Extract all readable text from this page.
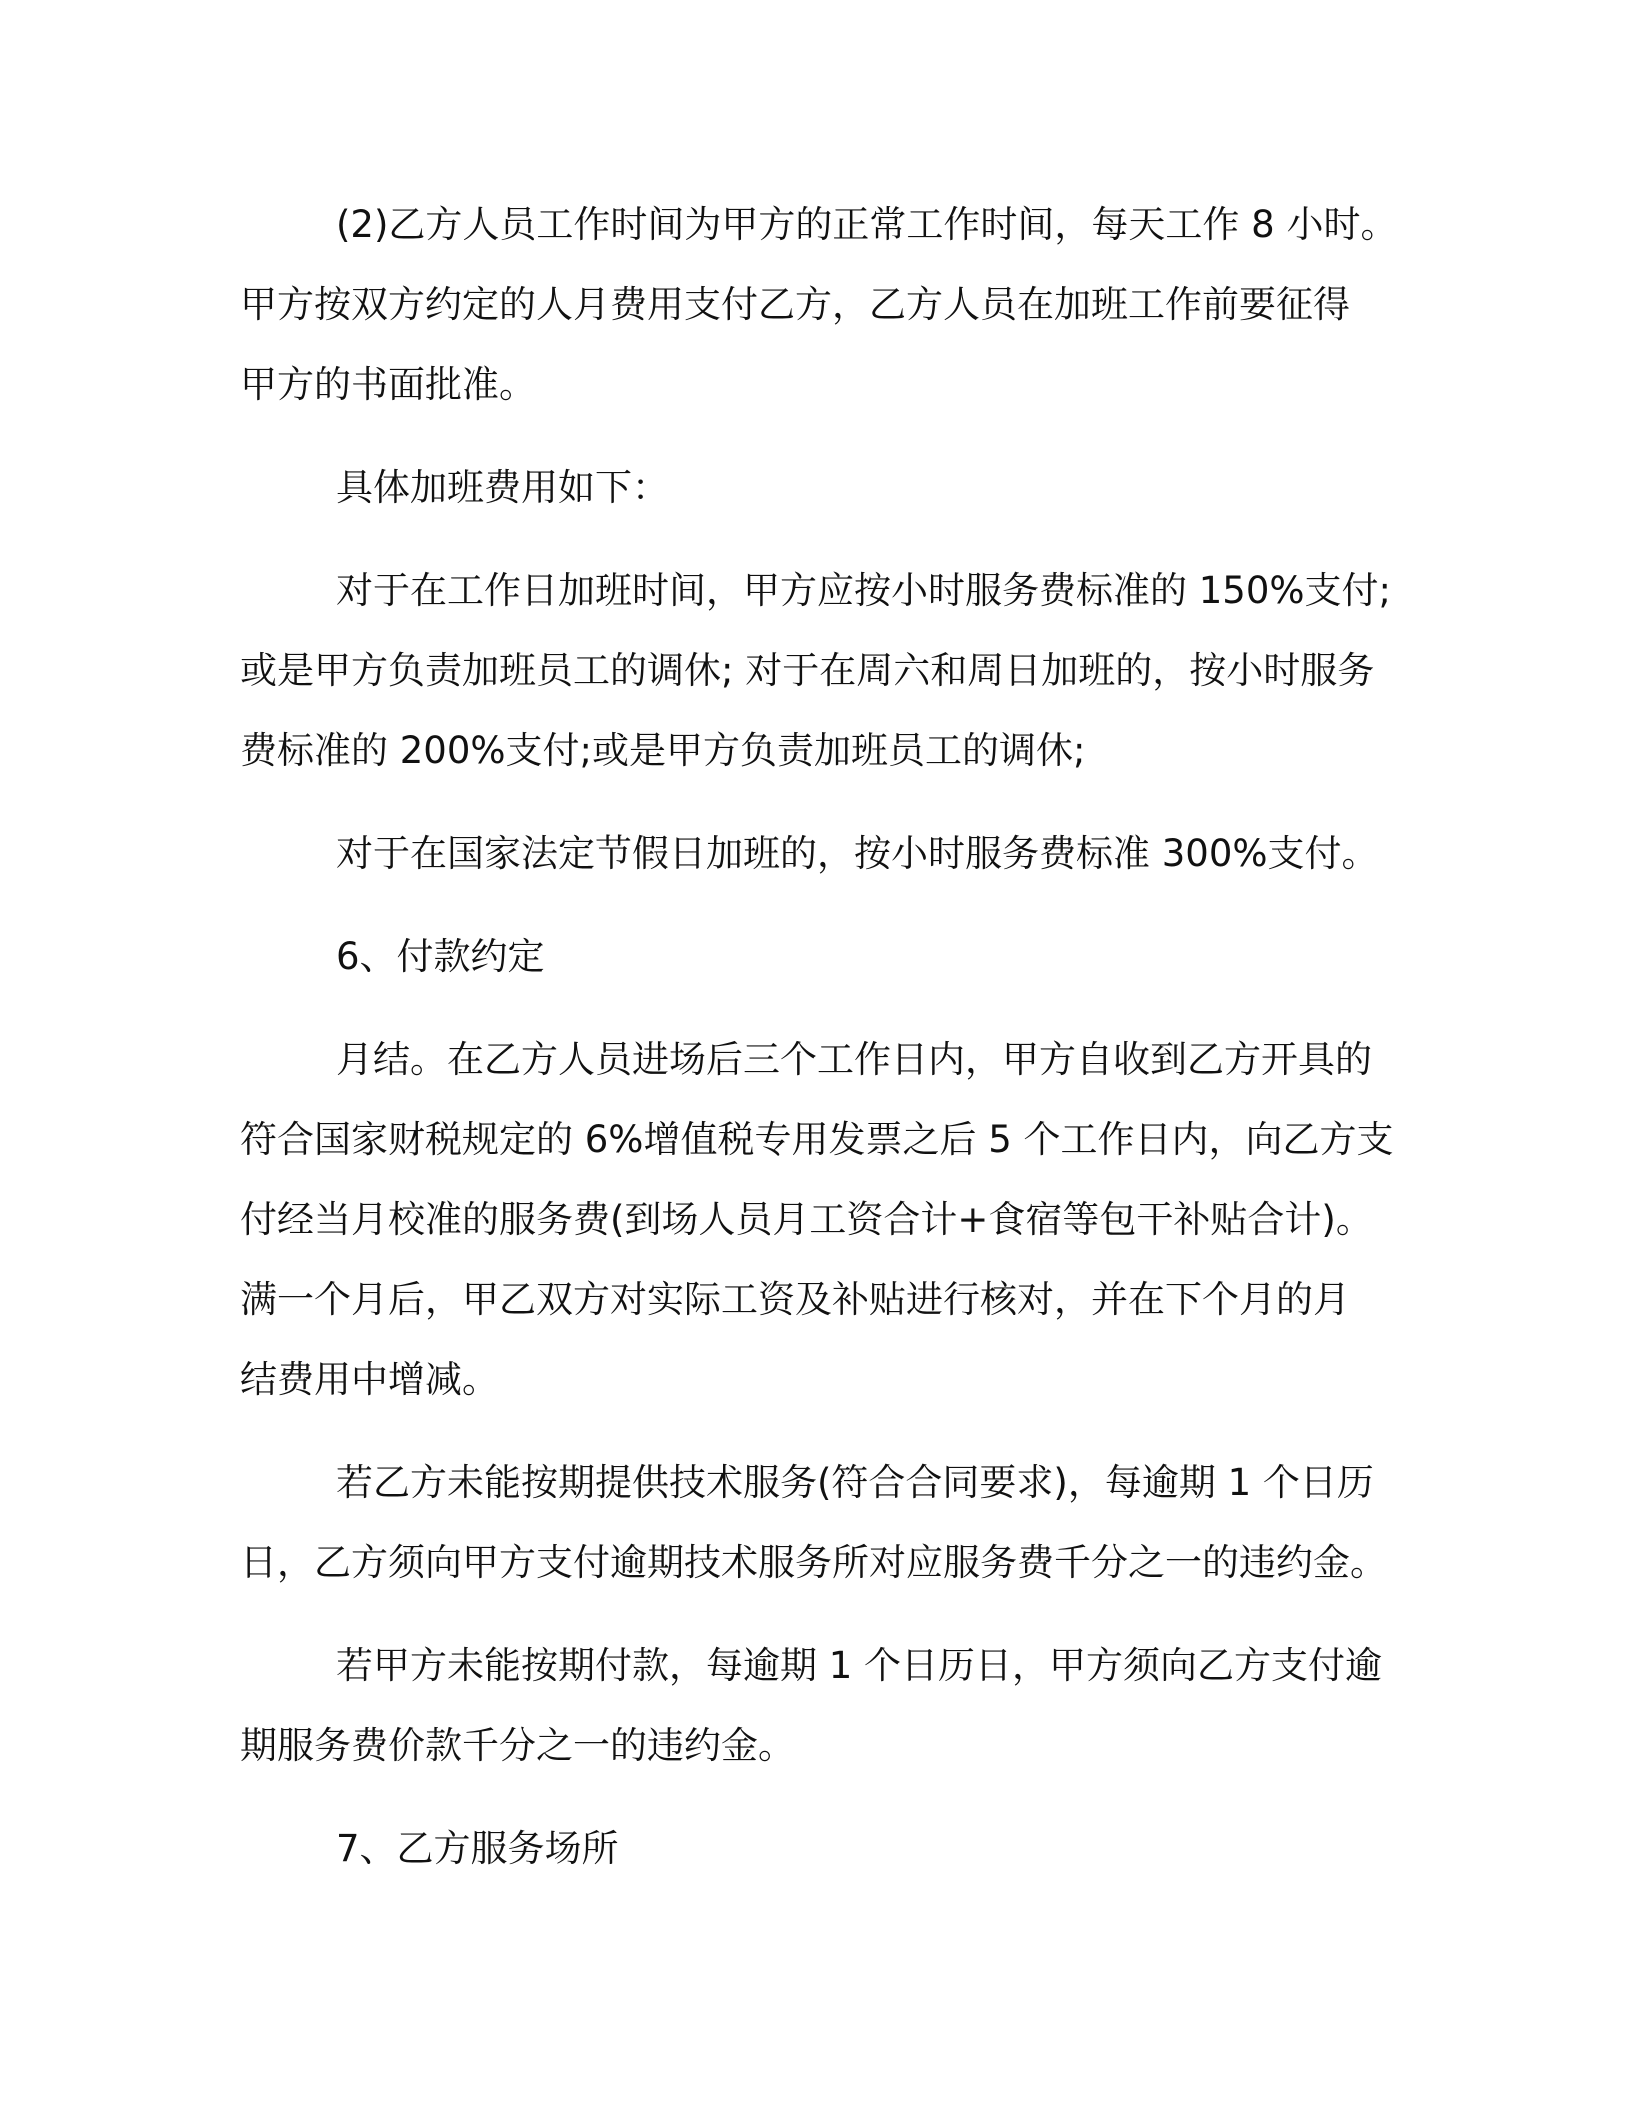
(2)乙方人员工作时间为甲方的正常工作时间，每天工作 8 小时。
甲方按双方约定的人月费用支付乙方，乙方人员在加班工作前要征得
甲方的书面批准。
具体加班费用如下：
对于在工作日加班时间，甲方应按小时服务费标准的 150%支付;
或是甲方负责加班员工的调休; 对于在周六和周日加班的，按小时服务
费标准的 200%支付;或是甲方负责加班员工的调休;
对于在国家法定节假日加班的，按小时服务费标准 300%支付。
6、付款约定
月结。在乙方人员进场后三个工作日内，甲方自收到乙方开具的
符合国家财税规定的 6%增值税专用发票之后 5 个工作日内，向乙方支
付经当月校准的服务费(到场人员月工资合计+食宿等包干补贴合计)。
满一个月后，甲乙双方对实际工资及补贴进行核对，并在下个月的月
结费用中增减。
若乙方未能按期提供技术服务(符合合同要求)，每逾期 1 个日历
日，乙方须向甲方支付逾期技术服务所对应服务费千分之一的违约金。
若甲方未能按期付款，每逾期 1 个日历日，甲方须向乙方支付逾
期服务费价款千分之一的违约金。
7、乙方服务场所
